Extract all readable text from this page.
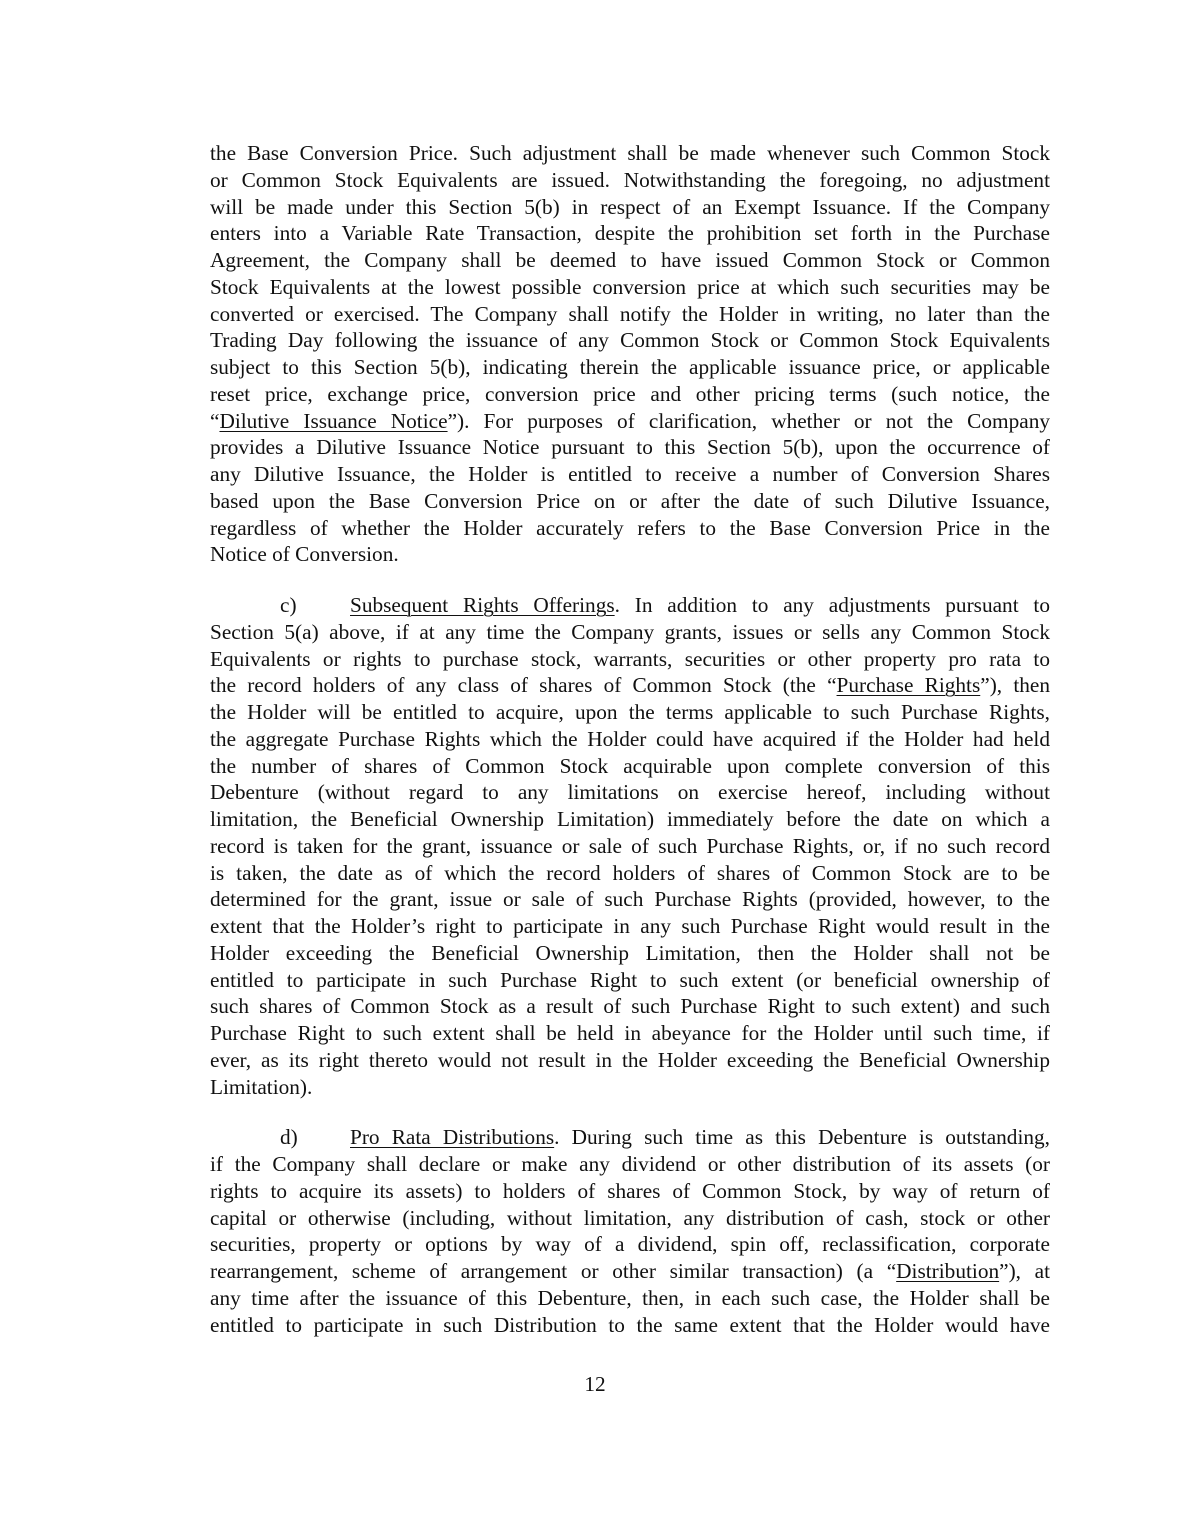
the Base Conversion Price. Such adjustment shall be made whenever such Common Stock
or Common Stock Equivalents are issued. Notwithstanding the foregoing, no adjustment
will be made under this Section 5(b) in respect of an Exempt Issuance. If the Company
enters into a Variable Rate Transaction, despite the prohibition set forth in the Purchase
Agreement, the Company shall be deemed to have issued Common Stock or Common
Stock Equivalents at the lowest possible conversion price at which such securities may be
converted or exercised. The Company shall notify the Holder in writing, no later than the
Trading Day following the issuance of any Common Stock or Common Stock Equivalents
subject to this Section 5(b), indicating therein the applicable issuance price, or applicable
reset price, exchange price, conversion price and other pricing terms (such notice, the
“Dilutive Issuance Notice”). For purposes of clarification, whether or not the Company
provides a Dilutive Issuance Notice pursuant to this Section 5(b), upon the occurrence of
any Dilutive Issuance, the Holder is entitled to receive a number of Conversion Shares
based upon the Base Conversion Price on or after the date of such Dilutive Issuance,
regardless of whether the Holder accurately refers to the Base Conversion Price in the
Notice of Conversion.
c)	Subsequent Rights Offerings. In addition to any adjustments pursuant to
Section 5(a) above, if at any time the Company grants, issues or sells any Common Stock
Equivalents or rights to purchase stock, warrants, securities or other property pro rata to
the record holders of any class of shares of Common Stock (the “Purchase Rights”), then
the Holder will be entitled to acquire, upon the terms applicable to such Purchase Rights,
the aggregate Purchase Rights which the Holder could have acquired if the Holder had held
the number of shares of Common Stock acquirable upon complete conversion of this
Debenture (without regard to any limitations on exercise hereof, including without
limitation, the Beneficial Ownership Limitation) immediately before the date on which a
record is taken for the grant, issuance or sale of such Purchase Rights, or, if no such record
is taken, the date as of which the record holders of shares of Common Stock are to be
determined for the grant, issue or sale of such Purchase Rights (provided, however, to the
extent that the Holder’s right to participate in any such Purchase Right would result in the
Holder exceeding the Beneficial Ownership Limitation, then the Holder shall not be
entitled to participate in such Purchase Right to such extent (or beneficial ownership of
such shares of Common Stock as a result of such Purchase Right to such extent) and such
Purchase Right to such extent shall be held in abeyance for the Holder until such time, if
ever, as its right thereto would not result in the Holder exceeding the Beneficial Ownership
Limitation).
d)	Pro Rata Distributions. During such time as this Debenture is outstanding,
if the Company shall declare or make any dividend or other distribution of its assets (or
rights to acquire its assets) to holders of shares of Common Stock, by way of return of
capital or otherwise (including, without limitation, any distribution of cash, stock or other
securities, property or options by way of a dividend, spin off, reclassification, corporate
rearrangement, scheme of arrangement or other similar transaction) (a “Distribution”), at
any time after the issuance of this Debenture, then, in each such case, the Holder shall be
entitled to participate in such Distribution to the same extent that the Holder would have
12
